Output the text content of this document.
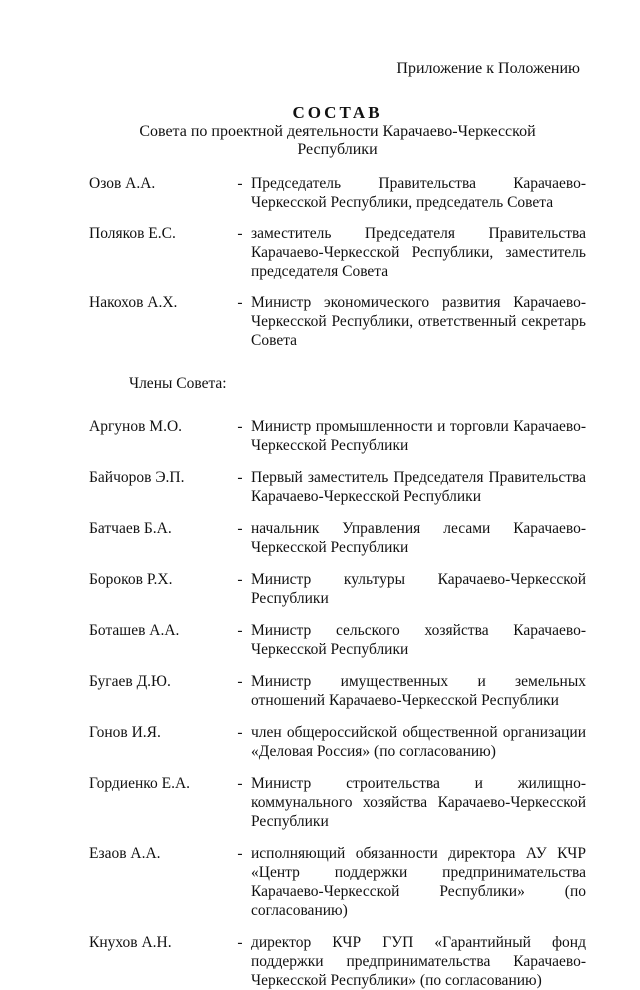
Приложение к Положению
СОСТАВ
Совета по проектной деятельности Карачаево-Черкесской
Республики
Озов А.А.	- Председатель Правительства Карачаево-Черкесской Республики, председатель Совета
Поляков Е.С.	- заместитель Председателя Правительства Карачаево-Черкесской Республики, заместитель председателя Совета
Накохов А.Х.	- Министр экономического развития Карачаево-Черкесской Республики, ответственный секретарь Совета
Члены Совета:
Аргунов М.О.	- Министр промышленности и торговли Карачаево-Черкесской Республики
Байчоров Э.П.	- Первый заместитель Председателя Правительства Карачаево-Черкесской Республики
Батчаев Б.А.	- начальник Управления лесами Карачаево-Черкесской Республики
Бороков Р.Х.	- Министр культуры Карачаево-Черкесской Республики
Боташев А.А.	- Министр сельского хозяйства Карачаево-Черкесской Республики
Бугаев Д.Ю.	- Министр имущественных и земельных отношений Карачаево-Черкесской Республики
Гонов И.Я.	- член общероссийской общественной организации «Деловая Россия» (по согласованию)
Гордиенко Е.А.	- Министр строительства и жилищно-коммунального хозяйства Карачаево-Черкесской Республики
Езаов А.А.	- исполняющий обязанности директора АУ КЧР «Центр поддержки предпринимательства Карачаево-Черкесской Республики» (по согласованию)
Кнухов А.Н.	- директор КЧР ГУП «Гарантийный фонд поддержки предпринимательства Карачаево-Черкесской Республики» (по согласованию)
